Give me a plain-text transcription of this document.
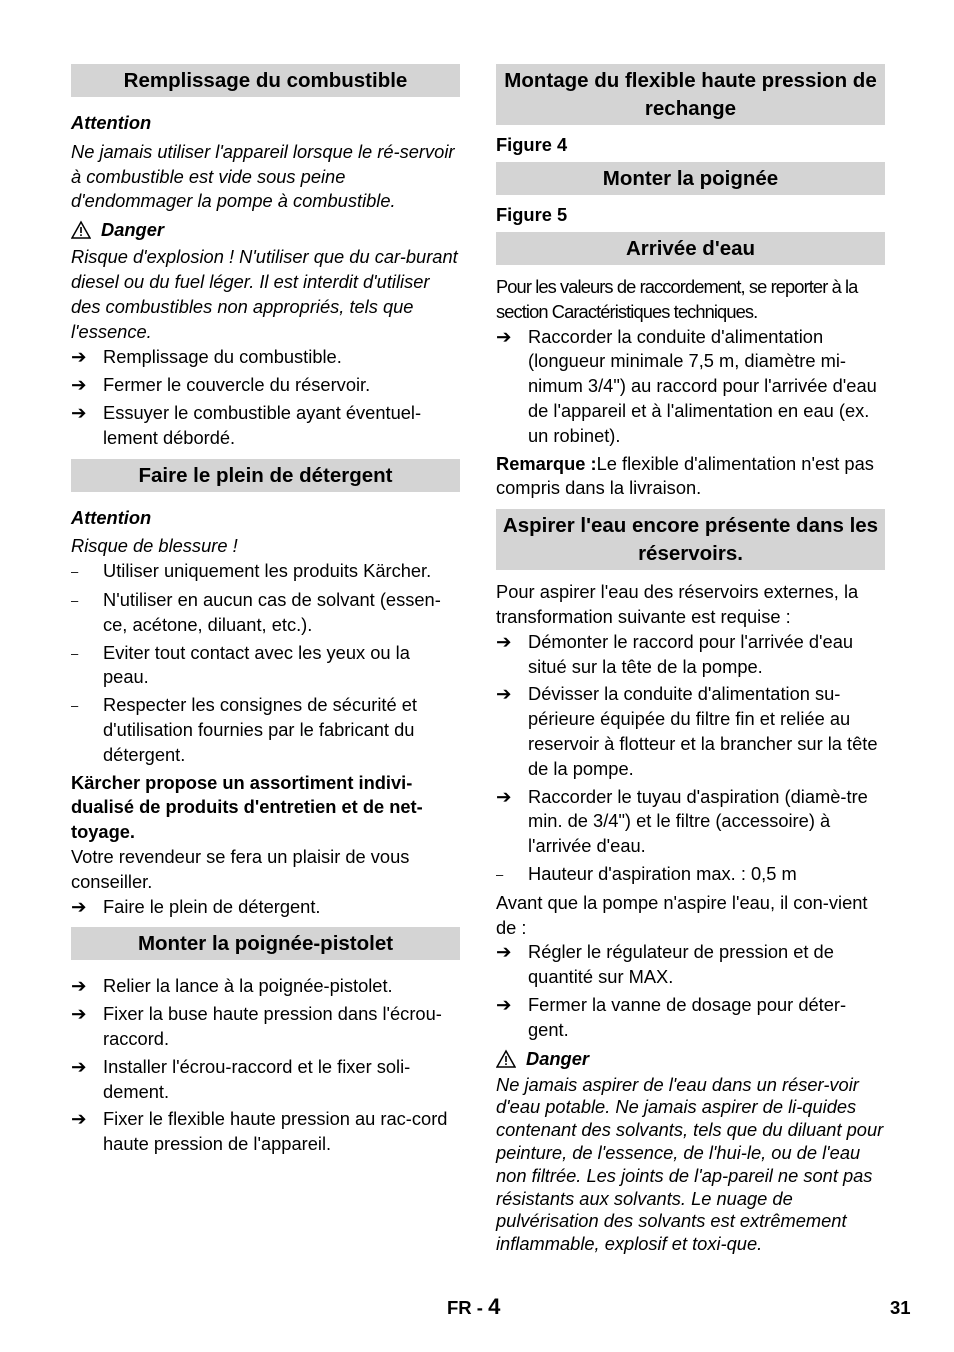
Remplissage du combustible

Attention

Ne jamais utiliser l'appareil lorsque le ré-servoir à combustible est vide sous peine d'endommager la pompe à combustible.

Danger

Risque d'explosion ! N'utiliser que du car-burant diesel ou du fuel léger. Il est interdit d'utiliser des combustibles non appropriés, tels que l'essence.

➔ Remplissage du combustible.
➔ Fermer le couvercle du réservoir.
➔ Essuyer le combustible ayant éventuel-lement débordé.
Faire le plein de détergent

Attention

Risque de blessure !

–	Utiliser uniquement les produits Kärcher.
–	N'utiliser en aucun cas de solvant (essen-ce, acétone, diluant, etc.).
–	Eviter tout contact avec les yeux ou la peau.
–	Respecter les consignes de sécurité et d'utilisation fournies par le fabricant du détergent.

Kärcher propose un assortiment indivi-dualisé de produits d'entretien et de net-toyage.

Votre revendeur se fera un plaisir de vous conseiller.

➔ Faire le plein de détergent.
Monter la poignée-pistolet
➔ Relier la lance à la poignée-pistolet.
➔ Fixer la buse haute pression dans l'écrou-raccord.
➔ Installer l'écrou-raccord et le fixer soli-dement.
➔ Fixer le flexible haute pression au rac-cord haute pression de l'appareil.
Montage du flexible haute pression de rechange

Figure 4

Monter la poignée

Figure 5

Arrivée d'eau

Pour les valeurs de raccordement, se reporter à la section Caractéristiques techniques.

➔ Raccorder la conduite d'alimentation (longueur minimale 7,5 m, diamètre mi-nimum 3/4") au raccord pour l'arrivée d'eau de l'appareil et à l'alimentation en eau (ex. un robinet).

Remarque :Le flexible d'alimentation n'est pas compris dans la livraison.

Aspirer l'eau encore présente dans les réservoirs.

Pour aspirer l'eau des réservoirs externes, la transformation suivante est requise :

➔ Démonter le raccord pour l'arrivée d'eau situé sur la tête de la pompe.
➔ Dévisser la conduite d'alimentation su-périeure équipée du filtre fin et reliée au reservoir à flotteur et la brancher sur la tête de la pompe.
➔ Raccorder le tuyau d'aspiration (diamè-tre min. de 3/4") et le filtre (accessoire) à l'arrivée d'eau.
–	Hauteur d'aspiration max. : 0,5 m

Avant que la pompe n'aspire l'eau, il con-vient de :

➔ Régler le régulateur de pression et de quantité sur MAX.
➔ Fermer la vanne de dosage pour déter-gent.
Danger

Ne jamais aspirer de l'eau dans un réser-voir d'eau potable. Ne jamais aspirer de li-quides contenant des solvants, tels que du diluant pour peinture, de l'essence, de l'hui-le, ou de l'eau non filtrée. Les joints de l'ap-pareil ne sont pas résistants aux solvants. Le nuage de pulvérisation des solvants est extrêmement inflammable, explosif et toxi-que.

FR - 4	31
